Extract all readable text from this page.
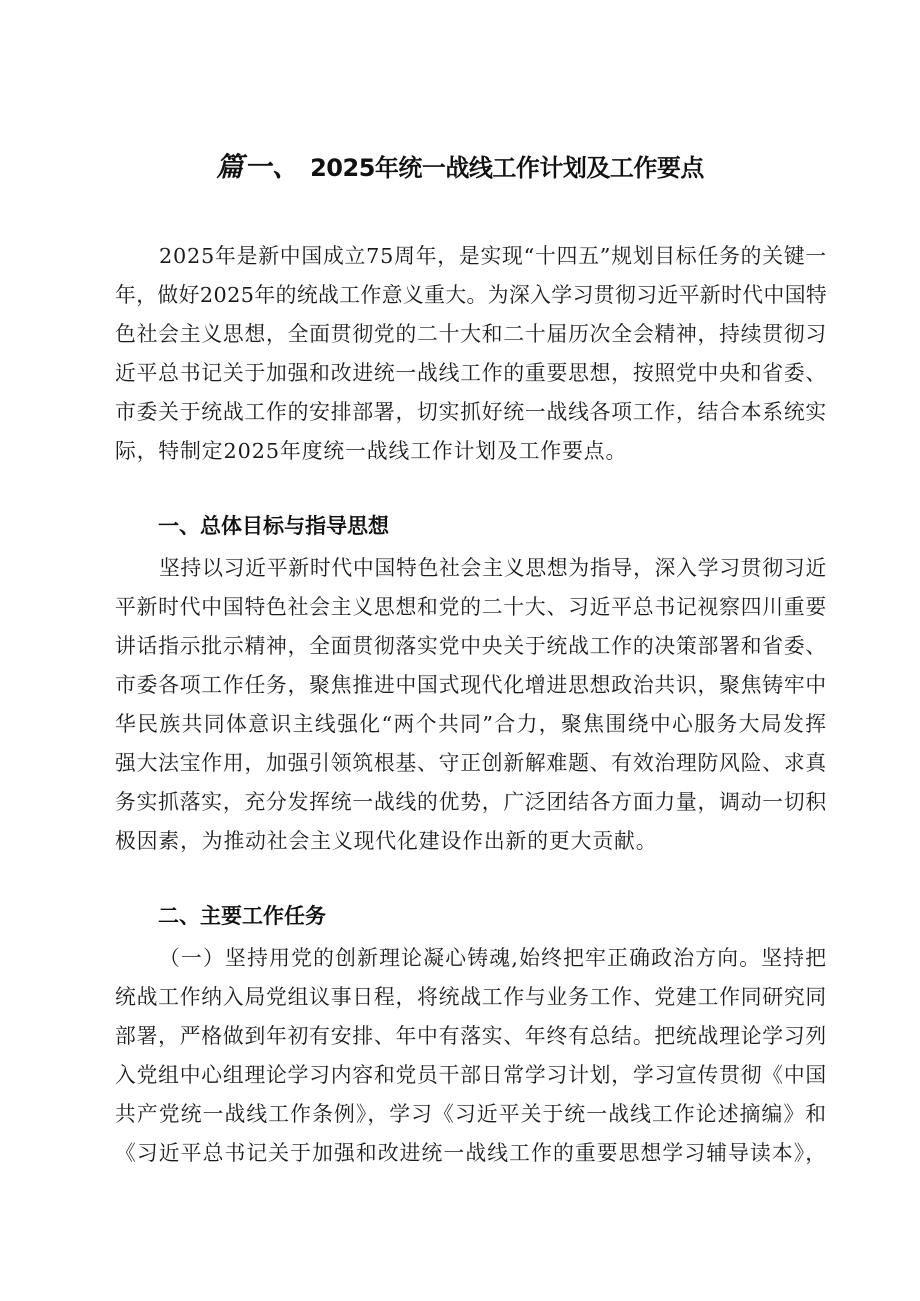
篇一、 2025年统一战线工作计划及工作要点
2025年是新中国成立75周年，是实现“十四五”规划目标任务的关键一
年，做好2025年的统战工作意义重大。为深入学习贯彻习近平新时代中国特
色社会主义思想，全面贯彻党的二十大和二十届历次全会精神，持续贯彻习
近平总书记关于加强和改进统一战线工作的重要思想，按照党中央和省委、
市委关于统战工作的安排部署，切实抓好统一战线各项工作，结合本系统实
际，特制定2025年度统一战线工作计划及工作要点。
一、总体目标与指导思想
坚持以习近平新时代中国特色社会主义思想为指导，深入学习贯彻习近
平新时代中国特色社会主义思想和党的二十大、习近平总书记视察四川重要
讲话指示批示精神，全面贯彻落实党中央关于统战工作的决策部署和省委、
市委各项工作任务，聚焦推进中国式现代化增进思想政治共识，聚焦铸牢中
华民族共同体意识主线强化“两个共同”合力，聚焦围绕中心服务大局发挥
强大法宝作用，加强引领筑根基、守正创新解难题、有效治理防风险、求真
务实抓落实，充分发挥统一战线的优势，广泛团结各方面力量，调动一切积
极因素，为推动社会主义现代化建设作出新的更大贡献。
二、主要工作任务
（一）坚持用党的创新理论凝心铸魂,始终把牢正确政治方向。坚持把
统战工作纳入局党组议事日程，将统战工作与业务工作、党建工作同研究同
部署，严格做到年初有安排、年中有落实、年终有总结。把统战理论学习列
入党组中心组理论学习内容和党员干部日常学习计划，学习宣传贯彻《中国
共产党统一战线工作条例》，学习《习近平关于统一战线工作论述摘编》和
《习近平总书记关于加强和改进统一战线工作的重要思想学习辅导读本》，
